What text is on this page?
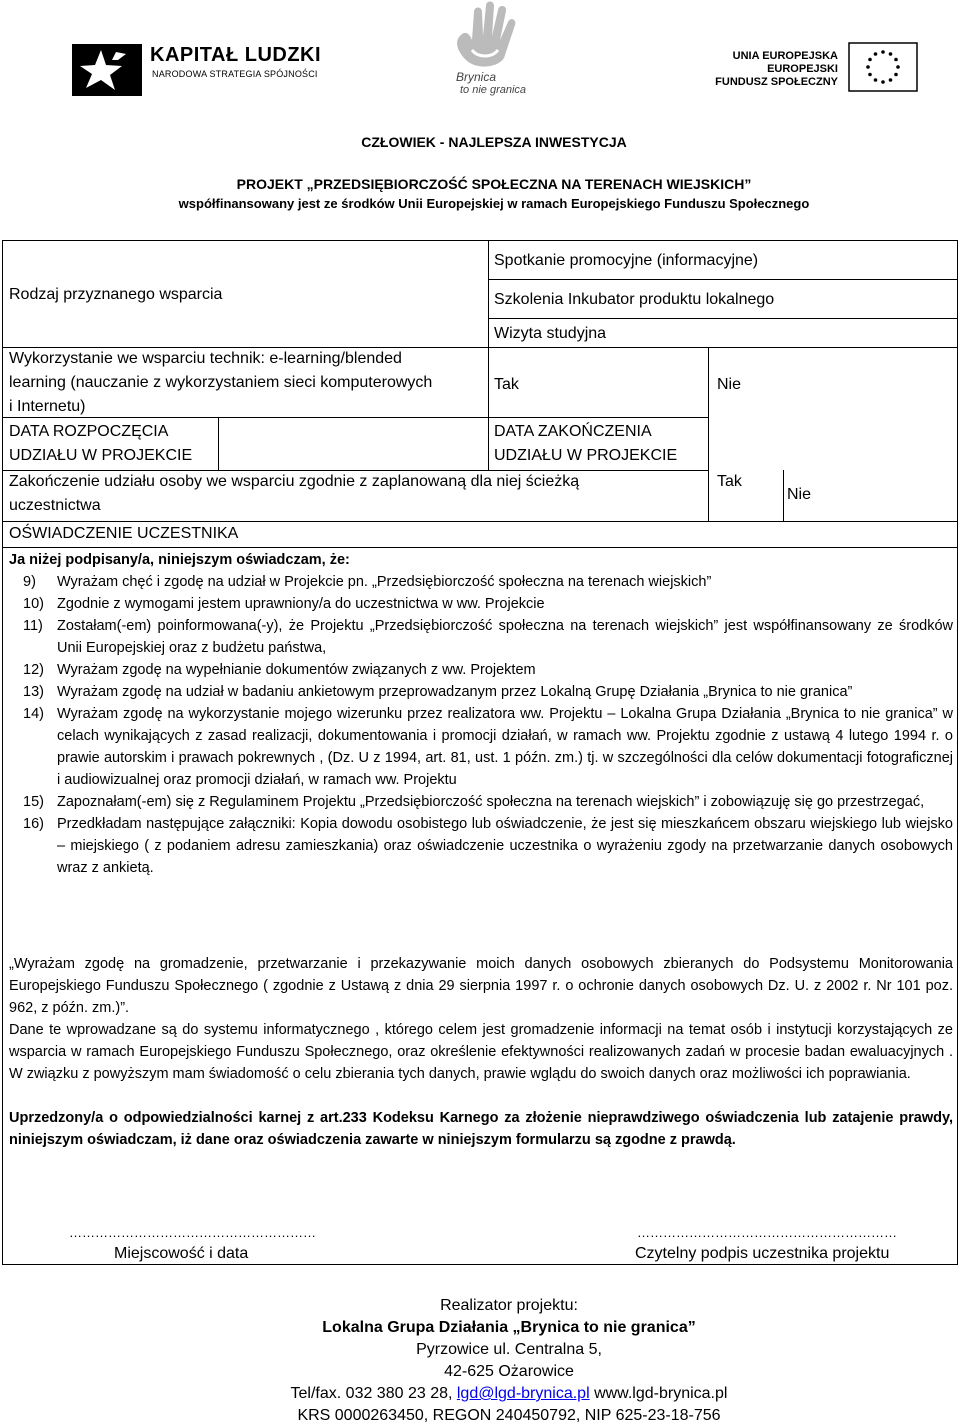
KAPITAŁ LUDZKI
NARODOWA STRATEGIA SPÓJNOŚCI	Brynica
to nie granica
UNIA EUROPEJSKA
EUROPEJSKI
FUNDUSZ SPOŁECZNY
CZŁOWIEK - NAJLEPSZA INWESTYCJA
PROJEKT „PRZEDSIĘBIORCZOŚĆ SPOŁECZNA NA TERENACH WIEJSKICH”
współfinansowany jest ze środków Unii Europejskiej w ramach Europejskiego Funduszu Społecznego
Rodzaj przyznanego wsparcia
Spotkanie promocyjne (informacyjne)
Szkolenia Inkubator produktu lokalnego
Wizyta studyjna
Wykorzystanie we wsparciu technik: e-learning/blended
learning (nauczanie z wykorzystaniem sieci komputerowych
i Internetu)
Tak	Nie
DATA ROZPOCZĘCIA
UDZIAŁU W PROJEKCIE
DATA ZAKOŃCZENIA
UDZIAŁU W PROJEKCIE
Zakończenie udziału osoby we wsparciu zgodnie z zaplanowaną dla niej ścieżką
uczestnictwa
Tak
Nie
OŚWIADCZENIE UCZESTNIKA
Ja niżej podpisany/a, niniejszym oświadczam, że:
9) Wyrażam chęć i zgodę na udział w Projekcie pn. „Przedsiębiorczość społeczna na terenach wiejskich”
10) Zgodnie z wymogami jestem uprawniony/a do uczestnictwa w ww. Projekcie
11) Zostałam(-em) poinformowana(-y), że Projektu „Przedsiębiorczość społeczna na terenach wiejskich” jest współfinansowany ze środków Unii Europejskiej oraz z budżetu państwa,
12) Wyrażam zgodę na wypełnianie dokumentów związanych z ww. Projektem
13) Wyrażam zgodę na udział w badaniu ankietowym przeprowadzanym przez Lokalną Grupę Działania „Brynica to nie granica”
14) Wyrażam zgodę na wykorzystanie mojego wizerunku przez realizatora ww. Projektu – Lokalna Grupa Działania „Brynica to nie granica” w celach wynikających z zasad realizacji, dokumentowania i promocji działań, w ramach ww. Projektu zgodnie z ustawą 4 lutego 1994 r. o prawie autorskim i prawach pokrewnych , (Dz. U z 1994, art. 81, ust. 1 późn. zm.) tj. w szczególności dla celów dokumentacji fotograficznej i audiowizualnej oraz promocji działań, w ramach ww. Projektu
15) Zapoznałam(-em) się z Regulaminem Projektu „Przedsiębiorczość społeczna na terenach wiejskich” i zobowiązuję się go przestrzegać,
16) Przedkładam następujące załączniki: Kopia dowodu osobistego lub oświadczenie, że jest się mieszkańcem obszaru wiejskiego lub wiejsko – miejskiego ( z podaniem adresu zamieszkania) oraz oświadczenie uczestnika o wyrażeniu zgody na przetwarzanie danych osobowych wraz z ankietą.
„Wyrażam zgodę na gromadzenie, przetwarzanie i przekazywanie moich danych osobowych zbieranych do Podsystemu Monitorowania Europejskiego Funduszu Społecznego ( zgodnie z Ustawą z dnia 29 sierpnia 1997 r. o ochronie danych osobowych Dz. U. z 2002 r. Nr 101 poz. 962, z późn. zm.)”.
Dane te wprowadzane są do systemu informatycznego , którego celem jest gromadzenie informacji na temat osób i instytucji korzystających ze wsparcia w ramach Europejskiego Funduszu Społecznego, oraz określenie efektywności realizowanych zadań w procesie badan ewaluacyjnych . W związku z powyższym mam świadomość o celu zbierania tych danych, prawie wglądu do swoich danych oraz możliwości ich poprawiania.
Uprzedzony/a o odpowiedzialności karnej z art.233 Kodeksu Karnego za złożenie nieprawdziwego oświadczenia lub zatajenie prawdy, niniejszym oświadczam, iż dane oraz oświadczenia zawarte w niniejszym formularzu są zgodne z prawdą.
…………………………………………………
Miejscowość i data
……………………………………………………
Czytelny podpis uczestnika projektu
Realizator projektu:
Lokalna Grupa Działania „Brynica to nie granica”
Pyrzowice ul. Centralna 5,
42-625 Ożarowice
Tel/fax. 032 380 23 28, lgd@lgd-brynica.pl www.lgd-brynica.pl
KRS 0000263450, REGON 240450792, NIP 625-23-18-756
